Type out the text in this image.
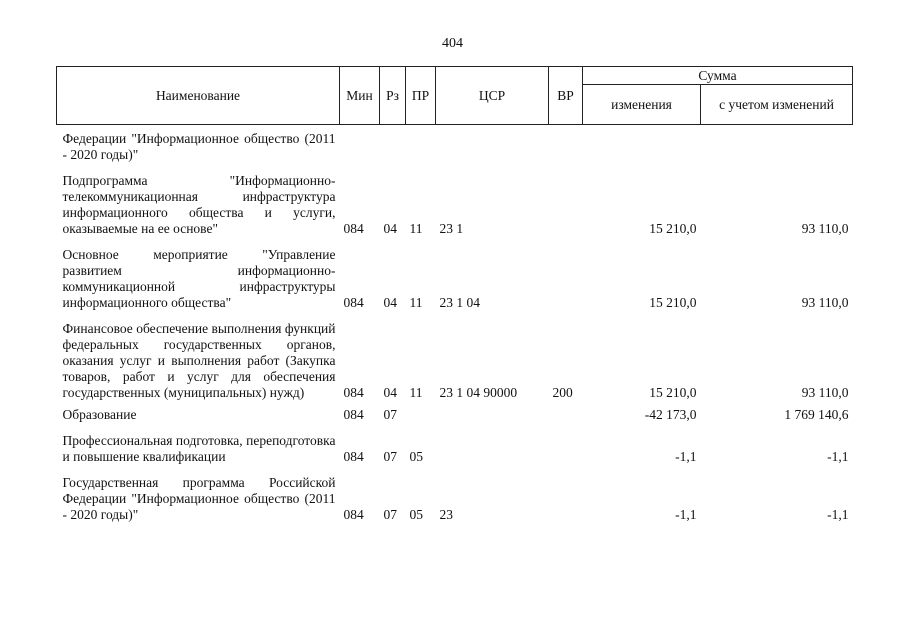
404
Наименование	Мин	Рз	ПР	ЦСР	ВР	Сумма	
						изменения	с учетом изменений

Федерации "Информационное общество (2011 - 2020 годы)"							

Подпрограмма "Информационно-телекоммуникационная инфраструктура информационного общества и услуги, оказываемые на ее основе"	084	04	11	23 1		15 210,0	93 110,0

Основное мероприятие "Управление развитием информационно-коммуникационной инфраструктуры информационного общества"	084	04	11	23 1 04		15 210,0	93 110,0

Финансовое обеспечение выполнения функций федеральных государственных органов, оказания услуг и выполнения работ (Закупка товаров, работ и услуг для обеспечения государственных (муниципальных) нужд)	084	04	11	23 1 04 90000	200	15 210,0	93 110,0

Образование	084	07				-42 173,0	1 769 140,6

Профессиональная подготовка, переподготовка и повышение квалификации	084	07	05			-1,1	-1,1

Государственная программа Российской Федерации "Информационное общество (2011 - 2020 годы)"	084	07	05	23		-1,1	-1,1
